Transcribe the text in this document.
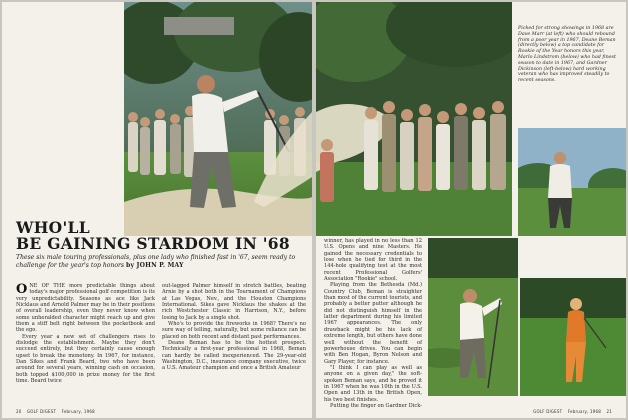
WHO'LL
BE GAINING STARDOM IN '68
These six male touring professionals, plus one lady who finished fast in '67, seem ready to challenge for the year's top honors by JOHN P. MAY

ONE OF THE more predictable things about today's major professional golf competition is its very unpredictability. Seasons as ace like Jack Nicklaus and Arnold Palmer may be in their positions of overall leadership, even they never know when some unheralded character might reach up and give them a stiff belt right between the pocketbook and the ego.

Every year a new set of challengers rises to dislodge the establishment. Maybe they don't succeed entirely, but they certainly cause enough upset to break the monotony. In 1967, for instance, Dan Sikes and Frank Beard, two who have been around for several years, winning cash on occasion, both topped $100,000 in prize money for the first time. Beard twice

out-lagged Palmer himself in stretch battles, beating Arnie by a shot both in the Tournament of Champions at Las Vegas, Nev., and the Houston Champions International. Sikes gave Nicklaus the shakes at the rich Westchester Classic in Harrison, N.Y., before losing to Jack by a single shot.

Who's to provide the fireworks in 1968? There's no sure way of telling, naturally, but some reliance can be placed on both recent and distant past performances.

Deane Beman has to be the hottest prospect. Technically a first-year professional in 1968, Beman can hardly be called inexperienced. The 29-year-old Washington, D.C., insurance company executive, twice a U.S. Amateur champion and once a British Amateur

20 GOLF DIGEST February, 1968
Picked for strong showings in 1968 are Dave Marr (at left) who should rebound from a poor year in 1967, Deane Beman (directly below) a top candidate for Rookie of the Year honors this year, Marlo Lindstrom (below) who had finest season to date in 1967, and Gardner Dickinson (left-below) hard working veteran who has improved steadily to recent seasons.

winner, has played in no less than 12 U.S. Opens and nine Masters. He gained the necessary credentials to lose when he tied for third in the 144-hole qualifying test at the most recent Professional Golfers' Association "Rookie" school.

Playing from the Bethesda (Md.) Country Club, Beman is straighter than most of the current tourists, and probably a better putter although he did not distinguish himself in the latter department during his limited 1967 appearances. The only drawback might be his lack of extreme length, but others have done well without the benefit of powerhouse drives. You can begin with Ben Hogan, Byron Nelson and Gary Player, for instance.

"I think I can play as well as anyone on a given day," the soft-spoken Beman says, and he proved it in 1967 when he was 10th in the U.S. Open and 13th in the British Open, his two best finishes.

Putting the finger on Gardner Dick-

GOLF DIGEST February, 1968 21
